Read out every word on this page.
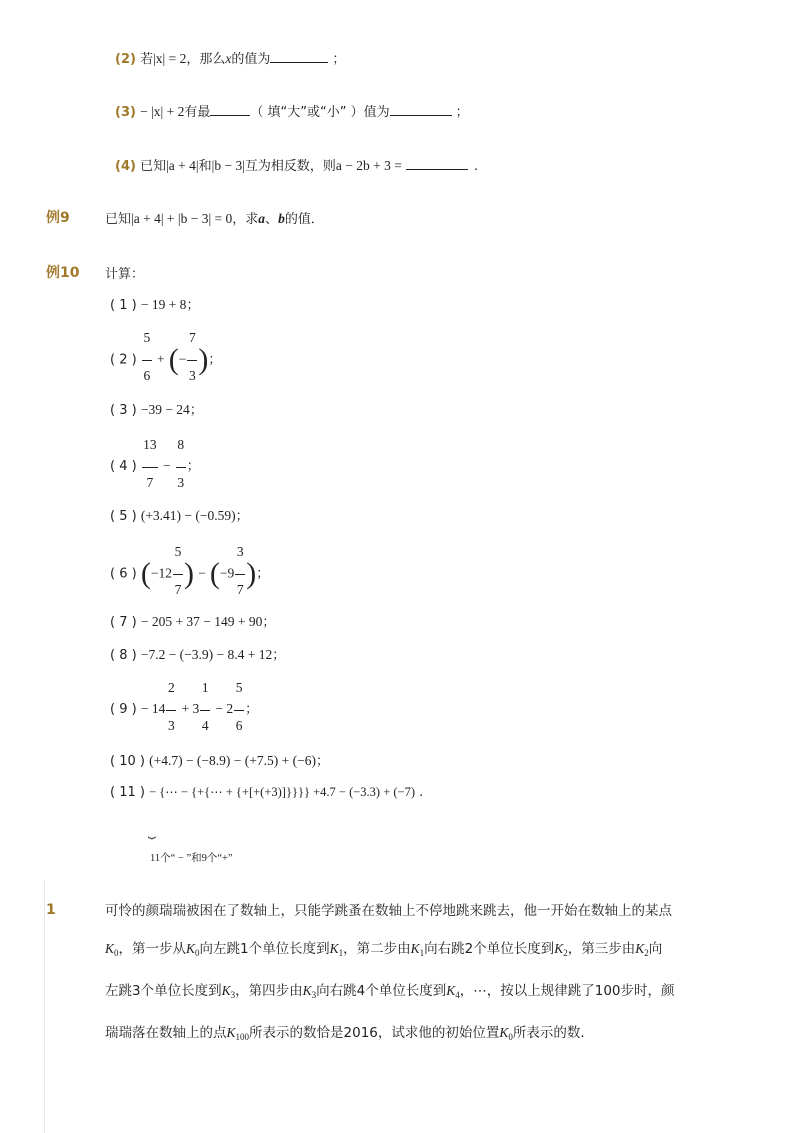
(2) 若|x| = 2，那么x的值为	；
(3) − |x| + 2有最	（ 填“大”或“小” ）值为	；
(4) 已知|a + 4|和|b − 3|互为相反数，则a − 2b + 3 =	.
例9	已知|a + 4| + |b − 3| = 0，求a、b的值．
例10 计算：
( 1 ) − 19 + 8；
( 2 ) $\frac{5}{6}$ + (− $\frac{7}{3}$ )；
( 3 ) −39 − 24；
( 4 ) $\frac{13}{7} - \frac{8}{3}$ ；
( 5 ) (+3.41) − (−0.59)；
( 6 ) ($-12 \frac{5}{7}$ ) − ($-9 \frac{3}{7}$ )；
( 7 ) − 205 + 37 − 149 + 90；
( 8 ) −7.2 − (−3.9) − 8.4 + 12；
( 9 ) − $14 \frac{2}{3} + 3 \frac{1}{4} - 2 \frac{5}{6}$ ；
( 10 ) (+4.7) − (−8.9) − (+7.5) + (−6)；
( 11 ) − {⋯ − {+{⋯ + {+[+(+3)]}}}} +4.7 − (−3.3) + (−7) .
⏟
11个“ − ”和9个“+”
1	可怜的颜瑞瑞被困在了数轴上，只能学跳蚤在数轴上不停地跳来跳去，他一开始在数轴上的某点
$K_0$，第一步从$K_0$向左跳1个单位长度到$K_1$，第二步由$K_1$向右跳2个单位长度到$K_2$，第三步由$K_2$向
左跳3个单位长度到$K_3$，第四步由$K_3$向右跳4个单位长度到$K_4$，⋯，按以上规律跳了100步时，颜
瑞瑞落在数轴上的点$K_{100}$所表示的数恰是2016，试求他的初始位置$K_0$所表示的数．
